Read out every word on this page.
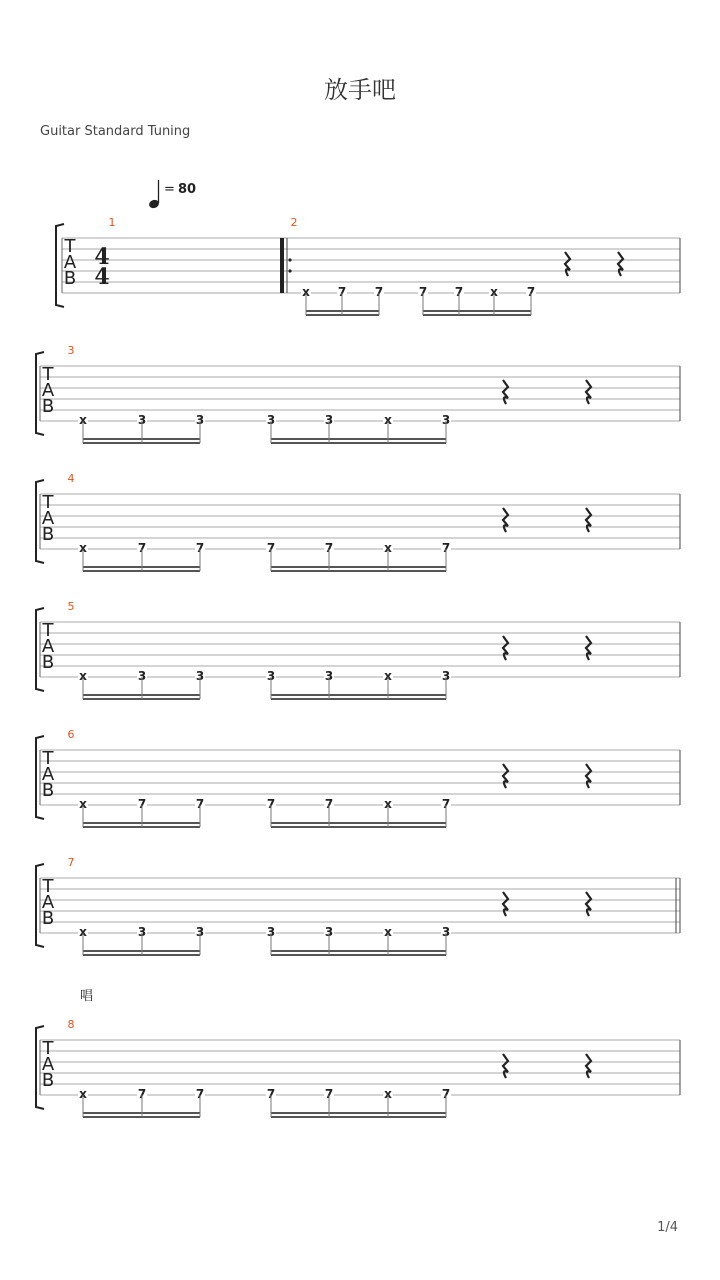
放手吧
Guitar Standard Tuning
1/4
T
A
B
= 80
4
4
1	2
x 7 7	7 7 x 7
T
A
B
3
x	3	3	3	3	x	3
T
A
B
4
x	7	7	7	7	x	7
T
A
B
5
x	3	3	3	3	x	3
T
A
B
6
x	7	7	7	7	x	7
T
A
B
7
x	3	3	3	3	x	3
T
A
B
8
x	7	7	7	7	x	7
唱
